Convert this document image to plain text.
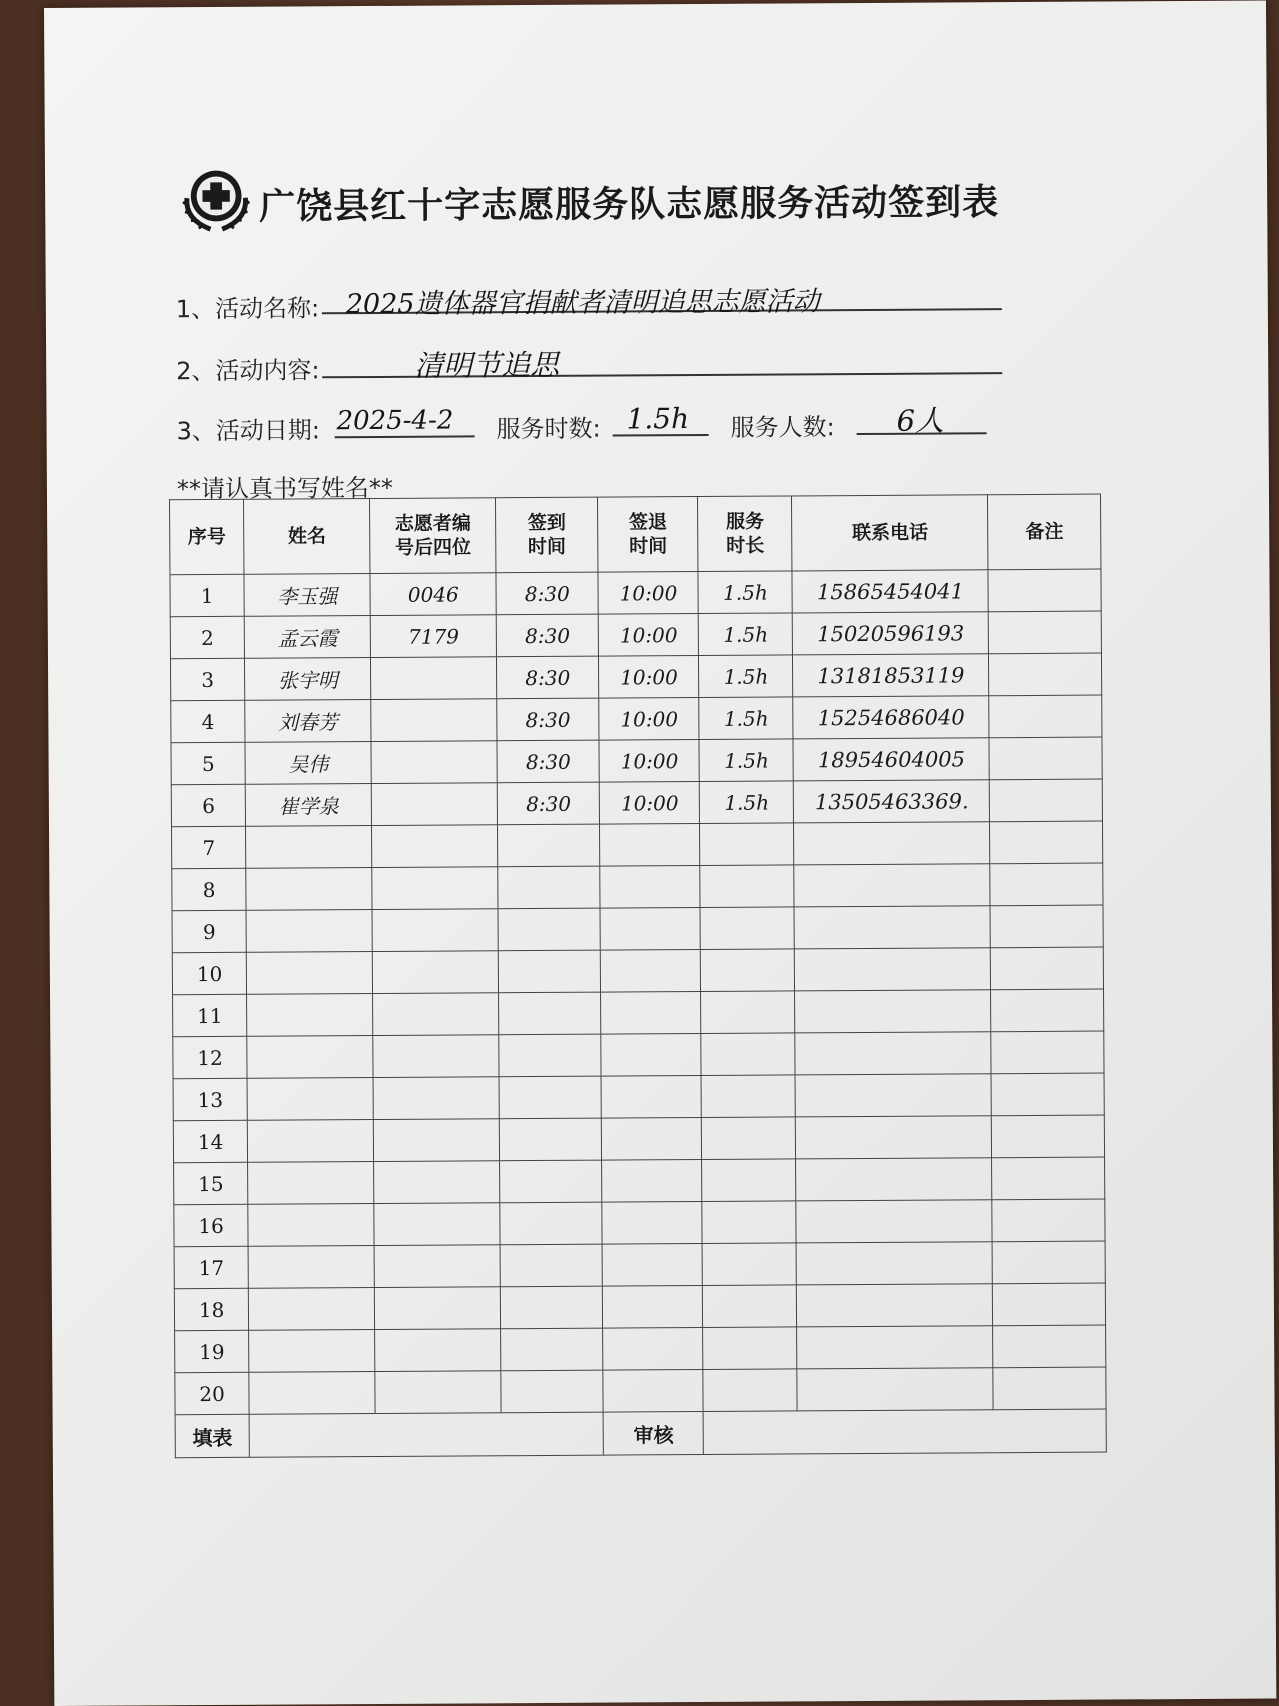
广饶县红十字志愿服务队志愿服务活动签到表
1、活动名称: 2025遗体器官捐献者清明追思志愿活动
2、活动内容:	清明节追思
3、活动日期: 2025-4-2 服务时数: 1.5h 服务人数: 6人
**请认真书写姓名**
序号	姓名	志愿者编号后四位	签到时间	签退时间	服务时长	联系电话	备注
1	李玉强	0046	8:30	10:00	1.5h	15865454041	
2	孟云霞	7179	8:30	10:00	1.5h	15020596193	
3	张宇明		8:30	10:00	1.5h	13181853119	
4	刘春芳		8:30	10:00	1.5h	15254686040	
5	吴伟		8:30	10:00	1.5h	18954604005	
6	崔学泉		8:30	10:00	1.5h	13505463369.	
7							
8							
9							
10							
11							
12							
13							
14							
15							
16							
17							
18							
19							
20							
填表				审核			
